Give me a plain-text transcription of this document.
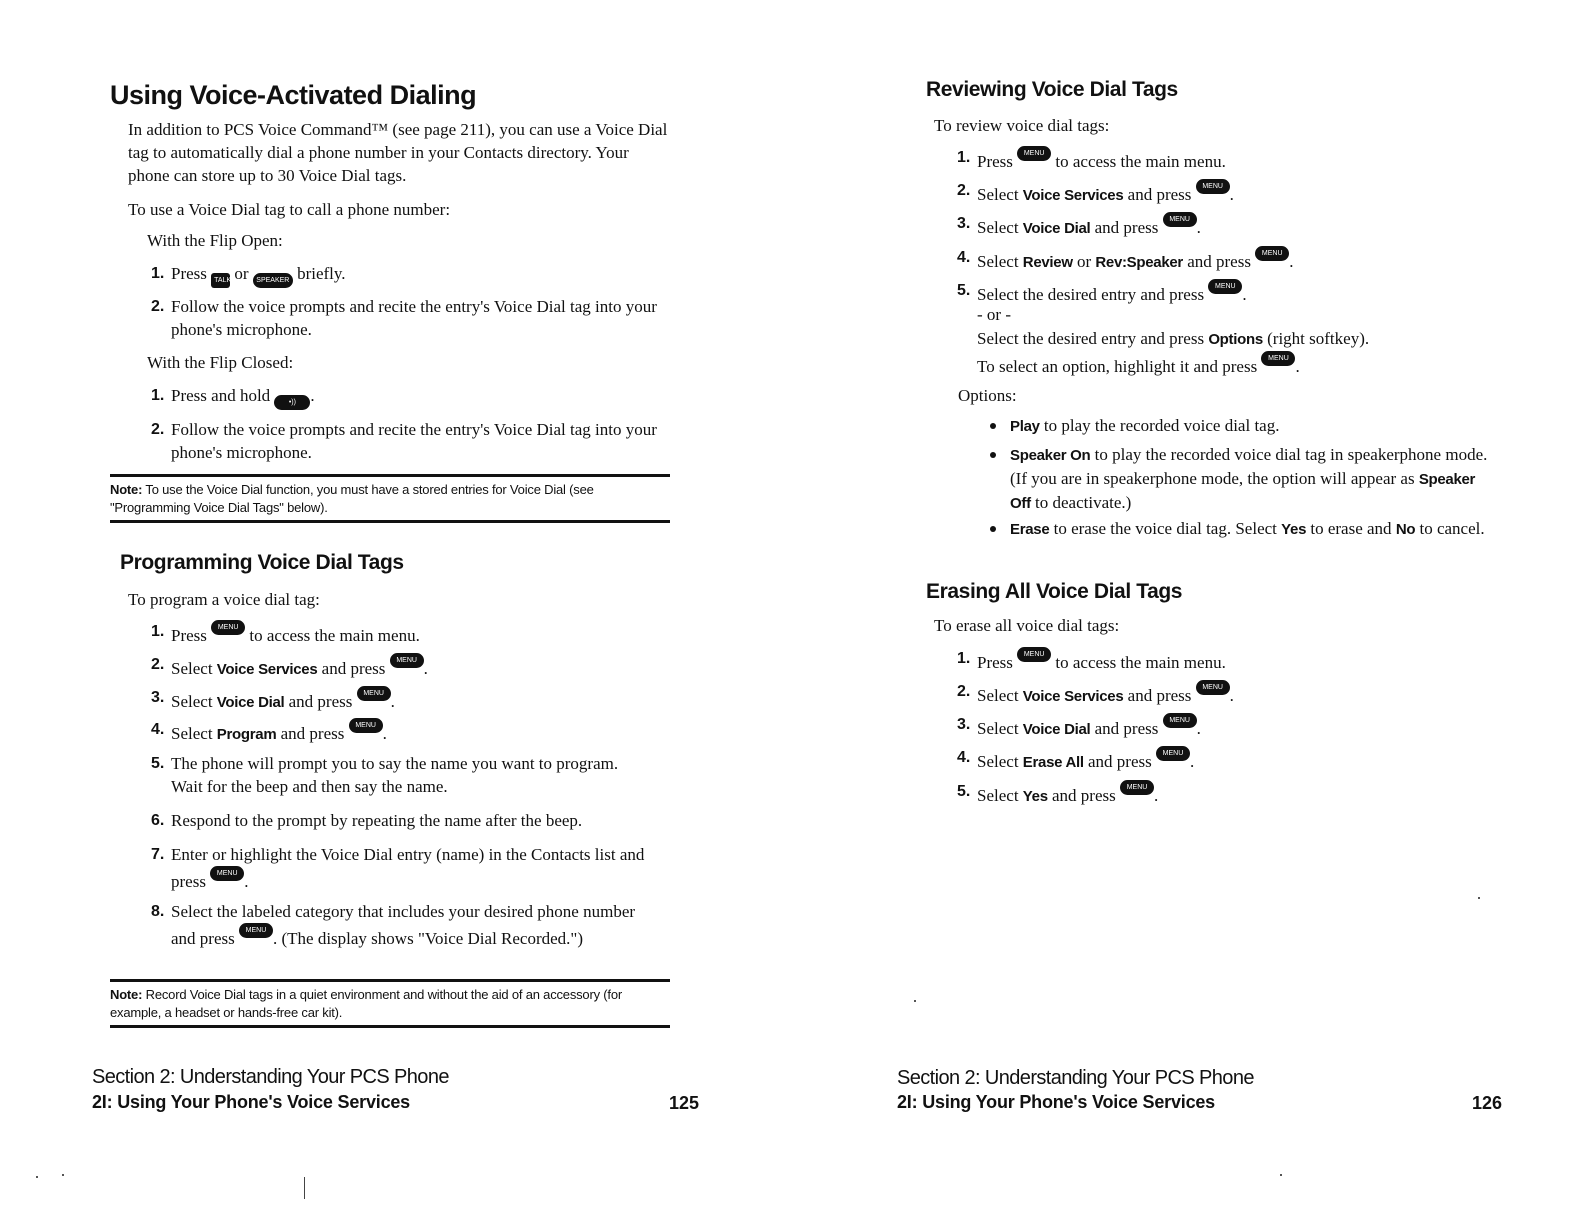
Using Voice-Activated Dialing

In addition to PCS Voice Command™ (see page 211), you can use a Voice Dial tag to automatically dial a phone number in your Contacts directory. Your phone can store up to 30 Voice Dial tags.

To use a Voice Dial tag to call a phone number:

With the Flip Open:

1. Press TALK or SPEAKER briefly.
2. Follow the voice prompts and recite the entry's Voice Dial tag into your phone's microphone.

With the Flip Closed:

1. Press and hold	•)) .
2. Follow the voice prompts and recite the entry's Voice Dial tag into your phone's microphone.
Note: To use the Voice Dial function, you must have a stored entries for Voice Dial (see "Programming Voice Dial Tags" below).
Programming Voice Dial Tags

To program a voice dial tag:

1. Press MENU OK to access the main menu.
2. Select Voice Services and press MENU OK .
3. Select Voice Dial and press MENU OK .
4. Select Program and press MENU OK .
5. The phone will prompt you to say the name you want to program. Wait for the beep and then say the name.
6. Respond to the prompt by repeating the name after the beep.
7. Enter or highlight the Voice Dial entry (name) in the Contacts list and press MENU OK .
8. Select the labeled category that includes your desired phone number and press MENU OK . (The display shows "Voice Dial Recorded.")
Note: Record Voice Dial tags in a quiet environment and without the aid of an accessory (for example, a headset or hands-free car kit).
Section 2: Understanding Your PCS Phone
2I: Using Your Phone's Voice Services	125
Reviewing Voice Dial Tags

To review voice dial tags:

1. Press MENU OK to access the main menu.
2. Select Voice Services and press MENU OK .
3. Select Voice Dial and press MENU OK .
4. Select Review or Rev:Speaker and press MENU OK .
5. Select the desired entry and press MENU OK .

- or -

Select the desired entry and press Options (right softkey).

To select an option, highlight it and press MENU OK .

Options:

Play to play the recorded voice dial tag.
Speaker On to play the recorded voice dial tag in speakerphone mode. (If you are in speakerphone mode, the option will appear as Speaker Off to deactivate.)
Erase to erase the voice dial tag. Select Yes to erase and No to cancel.
Erasing All Voice Dial Tags

To erase all voice dial tags:

1. Press MENU OK to access the main menu.
2. Select Voice Services and press MENU OK .
3. Select Voice Dial and press MENU OK .
4. Select Erase All and press MENU OK .
5. Select Yes and press MENU OK .
Section 2: Understanding Your PCS Phone
2I: Using Your Phone's Voice Services	126
